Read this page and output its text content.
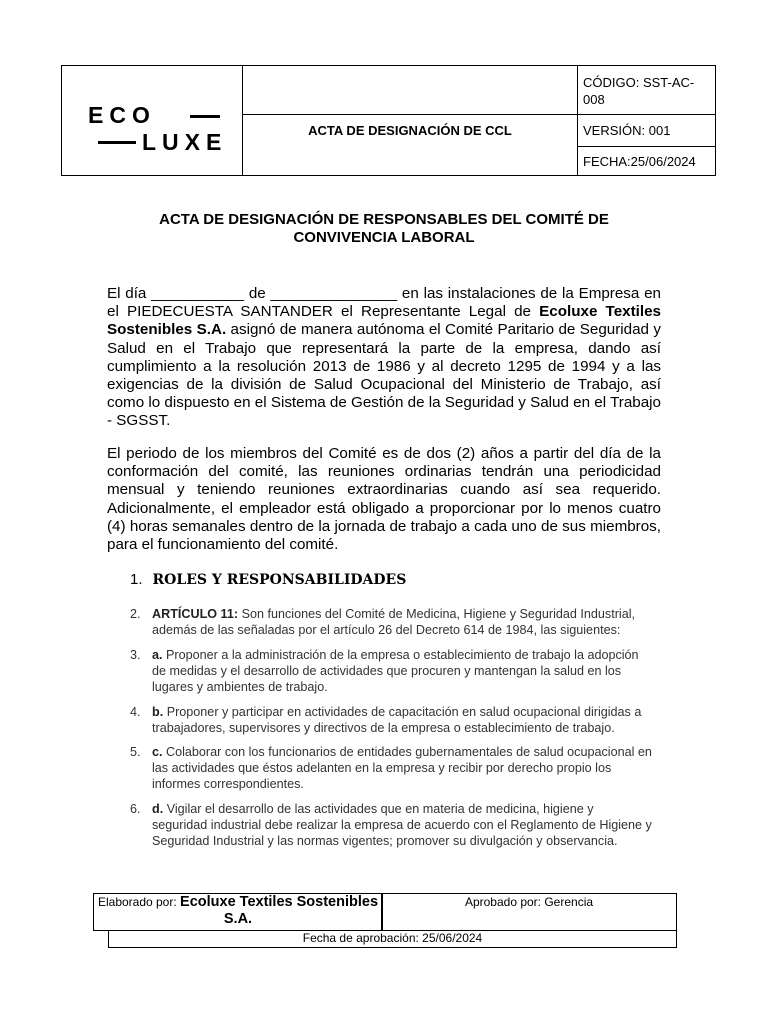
ECO
LUXE		CÓDIGO: SST-AC-008
	ACTA DE DESIGNACIÓN DE CCL	VERSIÓN: 001
		FECHA:25/06/2024
ACTA DE DESIGNACIÓN DE RESPONSABLES DEL COMITÉ DE
CONVIVENCIA LABORAL
El día ___________ de _______________ en las instalaciones de la Empresa en el PIEDECUESTA SANTANDER el Representante Legal de Ecoluxe Textiles Sostenibles S.A. asignó de manera autónoma el Comité Paritario de Seguridad y Salud en el Trabajo que representará la parte de la empresa, dando así cumplimiento a la resolución 2013 de 1986 y al decreto 1295 de 1994 y a las exigencias de la división de Salud Ocupacional del Ministerio de Trabajo, así como lo dispuesto en el Sistema de Gestión de la Seguridad y Salud en el Trabajo - SGSST.
El periodo de los miembros del Comité es de dos (2) años a partir del día de la conformación del comité, las reuniones ordinarias tendrán una periodicidad mensual y teniendo reuniones extraordinarias cuando así sea requerido. Adicionalmente, el empleador está obligado a proporcionar por lo menos cuatro (4) horas semanales dentro de la jornada de trabajo a cada uno de sus miembros, para el funcionamiento del comité.
1. ROLES Y RESPONSABILIDADES
2. ARTÍCULO 11: Son funciones del Comité de Medicina, Higiene y Seguridad Industrial, además de las señaladas por el artículo 26 del Decreto 614 de 1984, las siguientes:
3. a. Proponer a la administración de la empresa o establecimiento de trabajo la adopción de medidas y el desarrollo de actividades que procuren y mantengan la salud en los lugares y ambientes de trabajo.
4. b. Proponer y participar en actividades de capacitación en salud ocupacional dirigidas a trabajadores, supervisores y directivos de la empresa o establecimiento de trabajo.
5. c. Colaborar con los funcionarios de entidades gubernamentales de salud ocupacional en las actividades que éstos adelanten en la empresa y recibir por derecho propio los informes correspondientes.
6. d. Vigilar el desarrollo de las actividades que en materia de medicina, higiene y seguridad industrial debe realizar la empresa de acuerdo con el Reglamento de Higiene y Seguridad Industrial y las normas vigentes; promover su divulgación y observancia.
Elaborado por: Ecoluxe Textiles Sostenibles S.A.
Aprobado por: Gerencia
Fecha de aprobación: 25/06/2024
